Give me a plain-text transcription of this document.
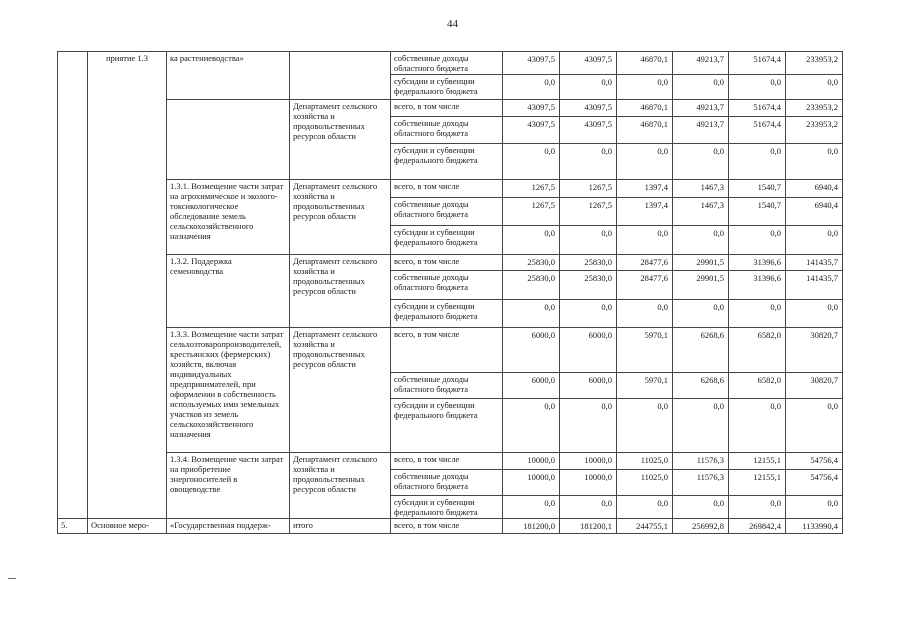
44
	приятие 1.3	ка растениеводства»		собственные доходы областного бюджета	43097,5	43097,5	46870,1	49213,7	51674,4	233953,2
				субсидии и субвенции федерального бюджета	0,0	0,0	0,0	0,0	0,0	0,0
			Департамент сельского хозяйства и продовольственных ресурсов области	всего, в том числе	43097,5	43097,5	46870,1	49213,7	51674,4	233953,2
				собственные доходы областного бюджета	43097,5	43097,5	46870,1	49213,7	51674,4	233953,2
				субсидии и субвенции федерального бюджета	0,0	0,0	0,0	0,0	0,0	0,0
		1.3.1. Возмещение части затрат на агрохимическое и эколого-токсикологическое обследование земель сельскохозяйственного назначения	Департамент сельского хозяйства и продовольственных ресурсов области	всего, в том числе	1267,5	1267,5	1397,4	1467,3	1540,7	6940,4
				собственные доходы областного бюджета	1267,5	1267,5	1397,4	1467,3	1540,7	6940,4
				субсидии и субвенции федерального бюджета	0,0	0,0	0,0	0,0	0,0	0,0
		1.3.2. Поддержка семеноводства	Департамент сельского хозяйства и продовольственных ресурсов области	всего, в том числе	25830,0	25830,0	28477,6	29901,5	31396,6	141435,7
				собственные доходы областного бюджета	25830,0	25830,0	28477,6	29901,5	31396,6	141435,7
				субсидии и субвенции федерального бюджета	0,0	0,0	0,0	0,0	0,0	0,0
		1.3.3. Возмещение части затрат сельхозтоваропроизводителей, крестьянских (фермерских) хозяйств, включая индивидуальных предпринимателей, при оформлении в собственность используемых ими земельных участков из земель сельскохозяйственного назначения	Департамент сельского хозяйства и продовольственных ресурсов области	всего, в том числе	6000,0	6000,0	5970,1	6268,6	6582,0	30820,7
				собственные доходы областного бюджета	6000,0	6000,0	5970,1	6268,6	6582,0	30820,7
				субсидии и субвенции федерального бюджета	0,0	0,0	0,0	0,0	0,0	0,0
		1.3.4. Возмещение части затрат на приобретение энергоносителей в овощеводстве	Департамент сельского хозяйства и продовольственных ресурсов области	всего, в том числе	10000,0	10000,0	11025,0	11576,3	12155,1	54756,4
				собственные доходы областного бюджета	10000,0	10000,0	11025,0	11576,3	12155,1	54756,4
				субсидии и субвенции федерального бюджета	0,0	0,0	0,0	0,0	0,0	0,0
5.	Основное меро-	«Государственная поддерж-	итого	всего, в том числе	181200,0	181200,1	244755,1	256992,8	269842,4	1133990,4
